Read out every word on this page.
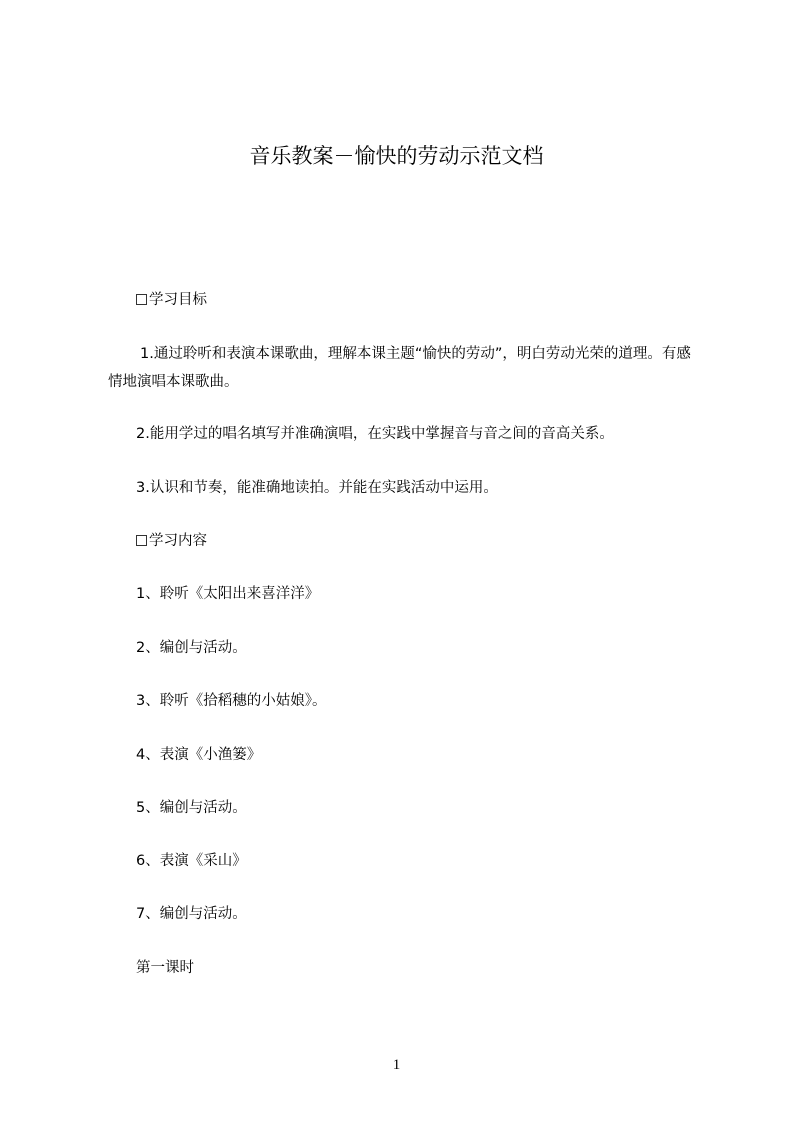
音乐教案－愉快的劳动示范文档
学习目标
1.通过聆听和表演本课歌曲，理解本课主题“愉快的劳动”，明白劳动光荣的道理。有感情地演唱本课歌曲。
2.能用学过的唱名填写并准确演唱，在实践中掌握音与音之间的音高关系。
3.认识和节奏，能准确地读拍。并能在实践活动中运用。
学习内容
1、聆听《太阳出来喜洋洋》
2、编创与活动。
3、聆听《拾稻穗的小姑娘》。
4、表演《小渔篓》
5、编创与活动。
6、表演《采山》
7、编创与活动。
第一课时
1
